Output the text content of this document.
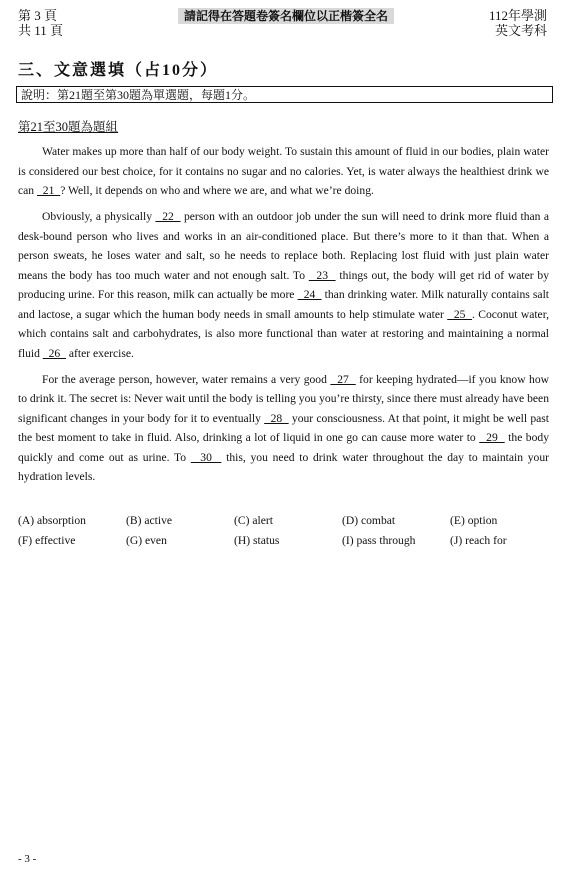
第 3 頁
共 11 頁
請記得在答題卷簽名欄位以正楷簽全名	112年學測
英文考科
三、文意選填（占10分）
說明：第21題至第30題為單選題，每題1分。
第21至30題為題組

Water makes up more than half of our body weight. To sustain this amount of fluid in our bodies, plain water is considered our best choice, for it contains no sugar and no calories. Yet, is water always the healthiest drink we can   21  ? Well, it depends on who and where we are, and what we’re doing.

Obviously, a physically   22   person with an outdoor job under the sun will need to drink more fluid than a desk-bound person who lives and works in an air-conditioned place. But there’s more to it than that. When a person sweats, he loses water and salt, so he needs to replace both. Replacing lost fluid with just plain water means the body has too much water and not enough salt. To   23   things out, the body will get rid of water by producing urine. For this reason, milk can actually be more   24   than drinking water. Milk naturally contains salt and lactose, a sugar which the human body needs in small amounts to help stimulate water   25  . Coconut water, which contains salt and carbohydrates, is also more functional than water at restoring and maintaining a normal fluid   26   after exercise.

For the average person, however, water remains a very good   27   for keeping hydrated—if you know how to drink it. The secret is: Never wait until the body is telling you you’re thirsty, since there must already have been significant changes in your body for it to eventually   28   your consciousness. At that point, it might be well past the best moment to take in fluid. Also, drinking a lot of liquid in one go can cause more water to   29   the body quickly and come out as urine. To   30   this, you need to drink water throughout the day to maintain your hydration levels.

(A) absorption	(B) active	(C) alert	(D) combat	(E) option
(F) effective	(G) even	(H) status	(I) pass through	(J) reach for
- 3 -
